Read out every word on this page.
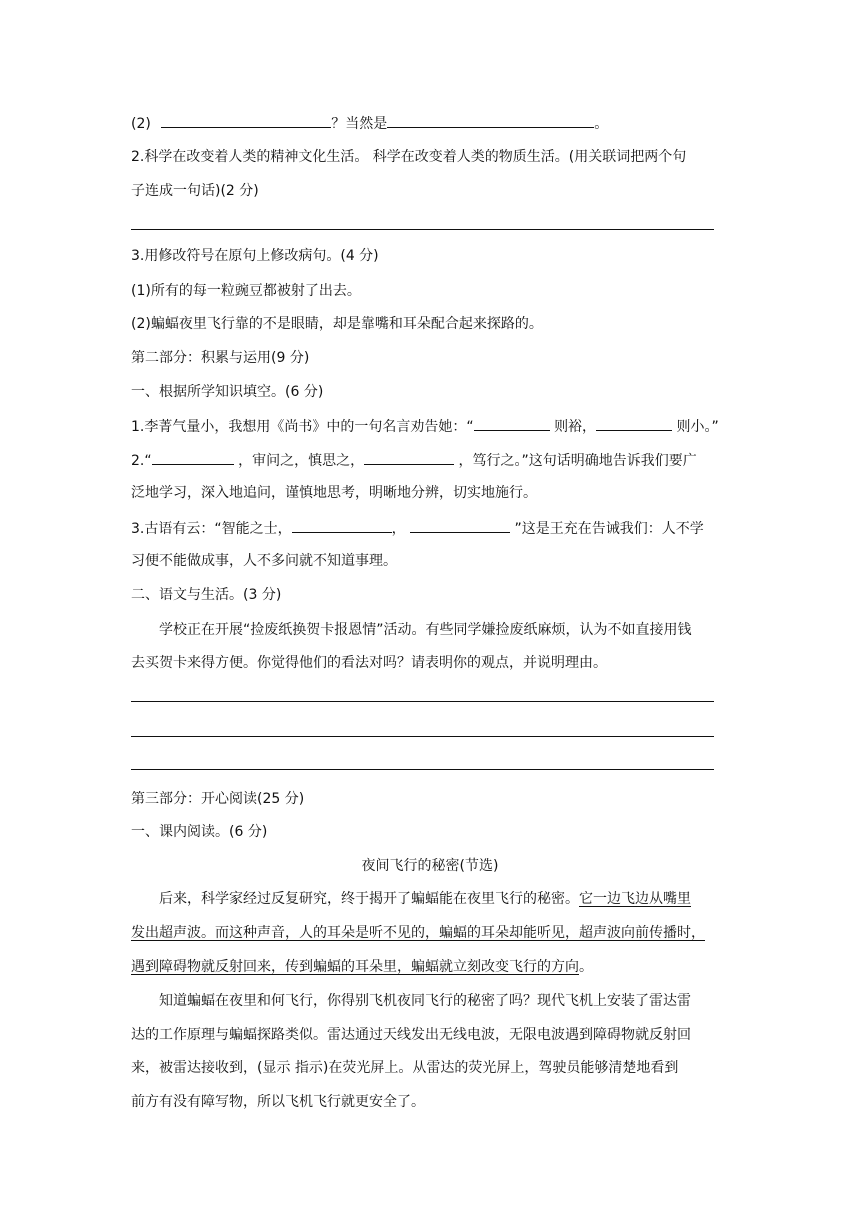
(2)	？当然是	。
2.科学在改变着人类的精神文化生活。 科学在改变着人类的物质生活。(用关联词把两个句
子连成一句话)(2 分)
3.用修改符号在原句上修改病句。(4 分)
(1)所有的每一粒豌豆都被射了出去。
(2)蝙蝠夜里飞行靠的不是眼睛，却是靠嘴和耳朵配合起来探路的。
第二部分：积累与运用(9 分)
一、根据所学知识填空。(6 分)
1.李菁气量小，我想用《尚书》中的一句名言劝告她：“	则裕，	则小。”
2.“	，审问之，慎思之，	，笃行之。”这句话明确地告诉我们要广
泛地学习，深入地追问，谨慎地思考，明晰地分辨，切实地施行。
3.古语有云：“智能之士，	，	”这是王充在告诫我们：人不学
习便不能做成事，人不多问就不知道事理。
二、语文与生活。(3 分)
学校正在开展“捡废纸换贺卡报恩情”活动。有些同学嫌捡废纸麻烦，认为不如直接用钱
去买贺卡来得方便。你觉得他们的看法对吗？请表明你的观点，并说明理由。
第三部分：开心阅读(25 分)
一、课内阅读。(6 分)
夜间飞行的秘密(节选)
后来，科学家经过反复研究，终于揭开了蝙蝠能在夜里飞行的秘密。它一边飞边从嘴里
发出超声波。而这种声音，人的耳朵是听不见的，蝙蝠的耳朵却能听见，超声波向前传播时，
遇到障碍物就反射回来，传到蝙蝠的耳朵里，蝙蝠就立刻改变飞行的方向。
知道蝙蝠在夜里和何飞行，你得别飞机夜同飞行的秘密了吗？现代飞机上安装了雷达雷
达的工作原理与蝙蝠探路类似。雷达通过天线发出无线电波，无限电波遇到障碍物就反射回
来，被雷达接收到，(显示 指示)在荧光屏上。从雷达的荧光屏上，驾驶员能够清楚地看到
前方有没有障写物，所以飞机飞行就更安全了。
